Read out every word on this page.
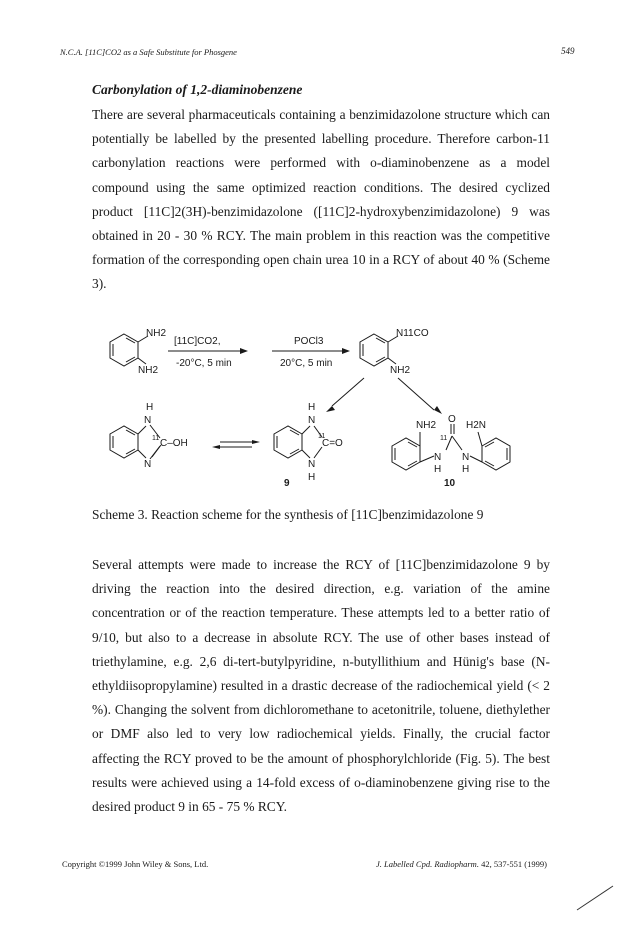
N.C.A. [11C]CO2 as a Safe Substitute for Phosgene	549
Carbonylation of 1,2-diaminobenzene

There are several pharmaceuticals containing a benzimidazolone structure which can potentially be labelled by the presented labelling procedure. Therefore carbon-11 carbonylation reactions were performed with o-diaminobenzene as a model compound using the same optimized reaction conditions. The desired cyclized product [11C]2(3H)-benzimidazolone ([11C]2-hydroxybenzimidazolone) 9 was obtained in 20 - 30 % RCY. The main problem in this reaction was the competitive formation of the corresponding open chain urea 10 in a RCY of about 40 % (Scheme 3).

NH2
NH2
[11C]CO2,
-20°C, 5 min
POCl3
20°C, 5 min
N11CO
NH2
H
N
11 C–OH
N
H
N
11
C=O
N
H
9
NH2
O
H2N
11
N
H
N
H
10
Scheme 3. Reaction scheme for the synthesis of [11C]benzimidazolone 9

Several attempts were made to increase the RCY of [11C]benzimidazolone 9 by driving the reaction into the desired direction, e.g. variation of the amine concentration or of the reaction temperature. These attempts led to a better ratio of 9/10, but also to a decrease in absolute RCY. The use of other bases instead of triethylamine, e.g. 2,6 di-tert-butylpyridine, n-butyllithium and Hünig's base (N-ethyldiisopropylamine) resulted in a drastic decrease of the radiochemical yield (< 2 %). Changing the solvent from dichloromethane to acetonitrile, toluene, diethylether or DMF also led to very low radiochemical yields. Finally, the crucial factor affecting the RCY proved to be the amount of phosphorylchloride (Fig. 5). The best results were achieved using a 14-fold excess of o-diaminobenzene giving rise to the desired product 9 in 65 - 75 % RCY.

Copyright ©1999 John Wiley & Sons, Ltd.	J. Labelled Cpd. Radiopharm. 42, 537-551 (1999)
